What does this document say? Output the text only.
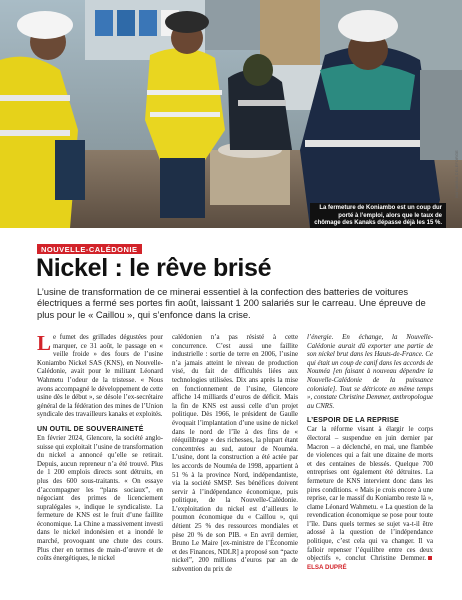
La fermeture de Koniambo est un coup dur porté à l’emploi, alors que le taux de chômage des Kanaks dépasse déjà les 15 %.
MAYAMINA DELEFORGE
NOUVELLE-CALÉDONIE
Nickel : le rêve brisé

L’usine de transformation de ce minerai essentiel à la confection des batteries de voitures électriques a fermé ses portes fin août, laissant 1 200 salariés sur le carreau. Une épreuve de plus pour le « Caillou », qui s’enfonce dans la crise.

Le fumet des grillades dégustées pour marquer, ce 31 août, le passage en « veille froide » des fours de l’usine Koniambo Nickel SAS (KNS), en Nouvelle-Calédonie, avait pour le militant Léonard Wahmetu l’odeur de la tristesse. « Nous avons accompagné le développement de cette usine dès le début », se désole l’ex-secrétaire général de la fédération des mines de l’Union syndicale des travailleurs kanaks et exploités.

UN OUTIL DE SOUVERAINETÉ

En février 2024, Glencore, la société anglo-suisse qui exploitait l’usine de transformation du nickel a annoncé qu’elle se retirait. Depuis, aucun repreneur n’a été trouvé. Plus de 1 200 emplois directs sont détruits, en plus des 600 sous-traitants. « On essaye d’accompagner les “plans sociaux”, en négociant des primes de licenciement supralégales », indique le syndicaliste. La fermeture de KNS est le fruit d’une faillite économique. La Chine a massivement investi dans le nickel indonésien et a inondé le marché, provoquant une chute des cours. Plus cher en termes de main-d’œuvre et de coûts énergétiques, le nickel

calédonien n’a pas résisté à cette concurrence. C’est aussi une faillite industrielle : sortie de terre en 2006, l’usine n’a jamais atteint le niveau de production visé, du fait de difficultés liées aux technologies utilisées. Dix ans après la mise en fonctionnement de l’usine, Glencore affiche 14 milliards d’euros de déficit. Mais la fin de KNS est aussi celle d’un projet politique. Dès 1966, le président de Gaulle évoquait l’implantation d’une usine de nickel dans le nord de l’île à des fins de « rééquilibrage » des richesses, la plupart étant concentrées au sud, autour de Nouméa. L’usine, dont la construction a été actée par les accords de Nouméa de 1998, appartient à 51 % à la province Nord, indépendantiste, via la société SMSP. Ses bénéfices doivent servir à l’indépendance économique, puis politique, de la Nouvelle-Calédonie. L’exploitation du nickel est d’ailleurs le poumon économique du « Caillou », qui détient 25 % des ressources mondiales et pèse 20 % de son PIB. « En avril dernier, Bruno Le Maire [ex-ministre de l’Économie et des Finances, NDLR] a proposé son “pacte nickel”, 200 millions d’euros par an de subvention du prix de

l’énergie. En échange, la Nouvelle-Calédonie aurait dû exporter une partie de son nickel brut dans les Hauts-de-France. Ce qui était un coup de canif dans les accords de Nouméa [en faisant à nouveau dépendre la Nouvelle-Calédonie de la puissance coloniale]. Tout se détricote en même temps », constate Christine Demmer, anthropologue au CNRS.

L’ESPOIR DE LA REPRISE

Car la réforme visant à élargir le corps électoral – suspendue en juin dernier par Macron – a déclenché, en mai, une flambée de violences qui a fait une dizaine de morts et des centaines de blessés. Quelque 700 entreprises ont également été détruites. La fermeture de KNS intervient donc dans les pires conditions. « Mais je crois encore à une reprise, car le massif du Koniambo reste là », clame Léonard Wahmetu. « La question de la revendication économique se pose pour toute l’île. Dans quels termes se sujet va-t-il être adossé à la question de l’indépendance politique, c’est cela qui va changer. Il va falloir repenser l’équilibre entre ces deux objectifs », conclut Christine Demmer.ELSA DUPRÉ
